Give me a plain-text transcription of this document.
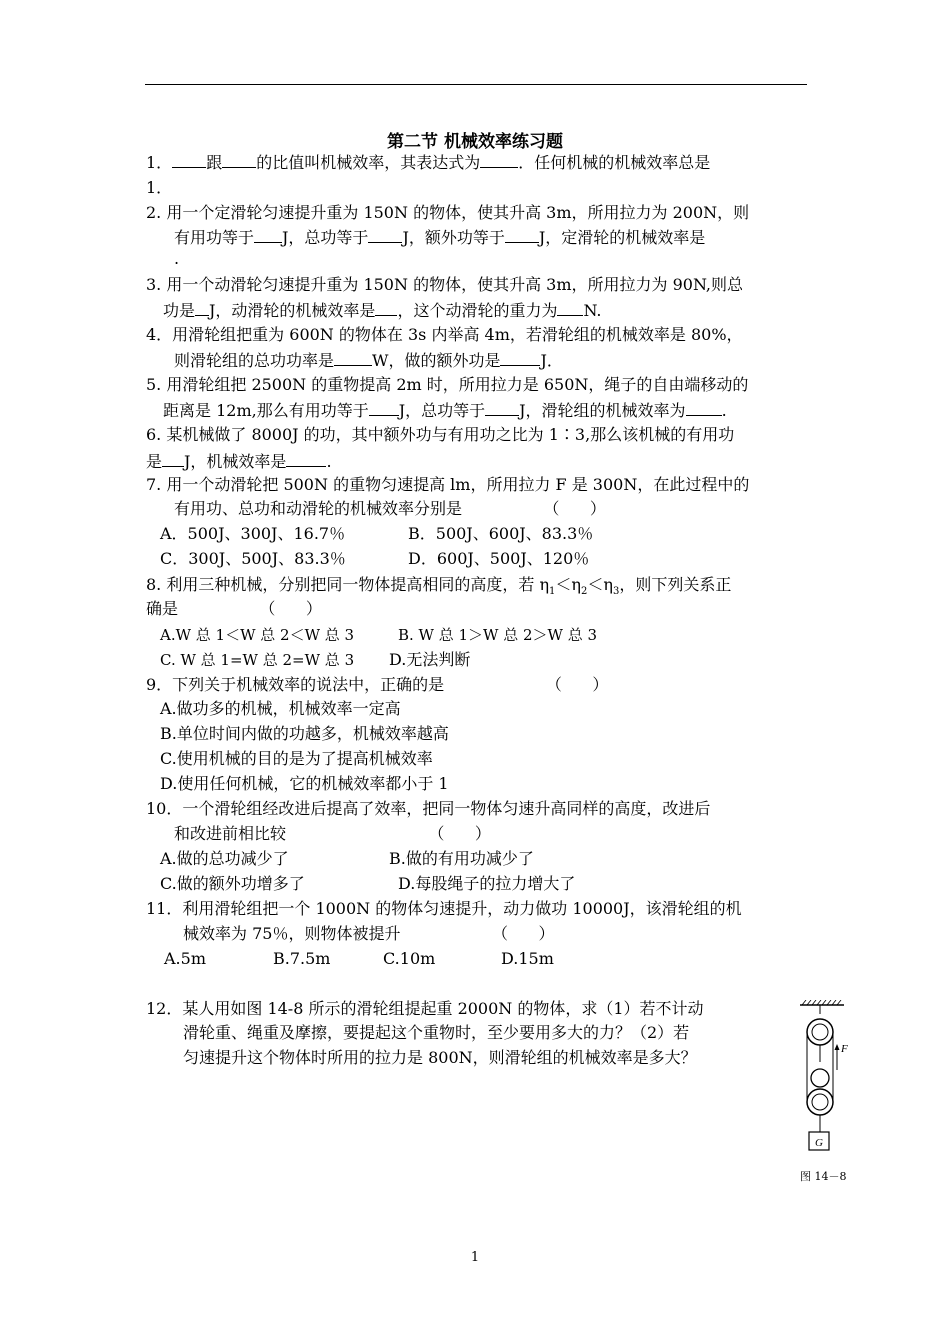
第二节 机械效率练习题
1． 跟 的比值叫机械效率，其表达式为 ．任何机械的机械效率总是
1．
2. 用一个定滑轮匀速提升重为 150N 的物体，使其升高 3m，所用拉力为 200N，则
有用功等于 J，总功等于 J，额外功等于 J，定滑轮的机械效率是
.
3. 用一个动滑轮匀速提升重为 150N 的物体，使其升高 3m，所用拉力为 90N,则总
功是 J，动滑轮的机械效率是 ，这个动滑轮的重力为 N.
4．用滑轮组把重为 600N 的物体在 3s 内举高 4m，若滑轮组的机械效率是 80%，
则滑轮组的总功功率是 W，做的额外功是	J．
5. 用滑轮组把 2500N 的重物提高 2m 时，所用拉力是 650N，绳子的自由端移动的
距离是 12m,那么有用功等于 J，总功等于 J，滑轮组的机械效率为 .
6. 某机械做了 8000J 的功，其中额外功与有用功之比为 1∶3,那么该机械的有用功
是 J，机械效率是	.
7. 用一个动滑轮把 500N 的重物匀速提高 lm，所用拉力 F 是 300N，在此过程中的
有用功、总功和动滑轮的机械效率分别是                （      ）
A．500J、300J、16.7％	B．500J、600J、83.3％
C．300J、500J、83.3％	D．600J、500J、120％
8. 利用三种机械，分别把同一物体提高相同的高度，若 $\eta_1<\eta_2<\eta_3$，则下列关系正
确是                （      ）
A.W 总 1＜W 总 2＜W 总 3	B. W 总 1＞W 总 2＞W 总 3
C. W 总 1=W 总 2=W 总 3 D.无法判断
9．下列关于机械效率的说法中，正确的是                    （      ）
A.做功多的机械，机械效率一定高
B.单位时间内做的功越多，机械效率越高
C.使用机械的目的是为了提高机械效率
D.使用任何机械，它的机械效率都小于 1
10．一个滑轮组经改进后提高了效率，把同一物体匀速升高同样的高度，改进后
和改进前相比较                            （      ）
A.做的总功减少了	B.做的有用功减少了
C.做的额外功增多了	D.每股绳子的拉力增大了
11．利用滑轮组把一个 1000N 的物体匀速提升，动力做功 10000J，该滑轮组的机
械效率为 75％，则物体被提升                  （      ）
A.5m	B.7.5m	C.10m	D.15m
12．某人用如图 14-8 所示的滑轮组提起重 2000N 的物体，求（1）若不计动
滑轮重、绳重及摩擦，要提起这个重物时，至少要用多大的力？（2）若
匀速提升这个物体时所用的拉力是 800N，则滑轮组的机械效率是多大？
G
F
图 14－8
1
